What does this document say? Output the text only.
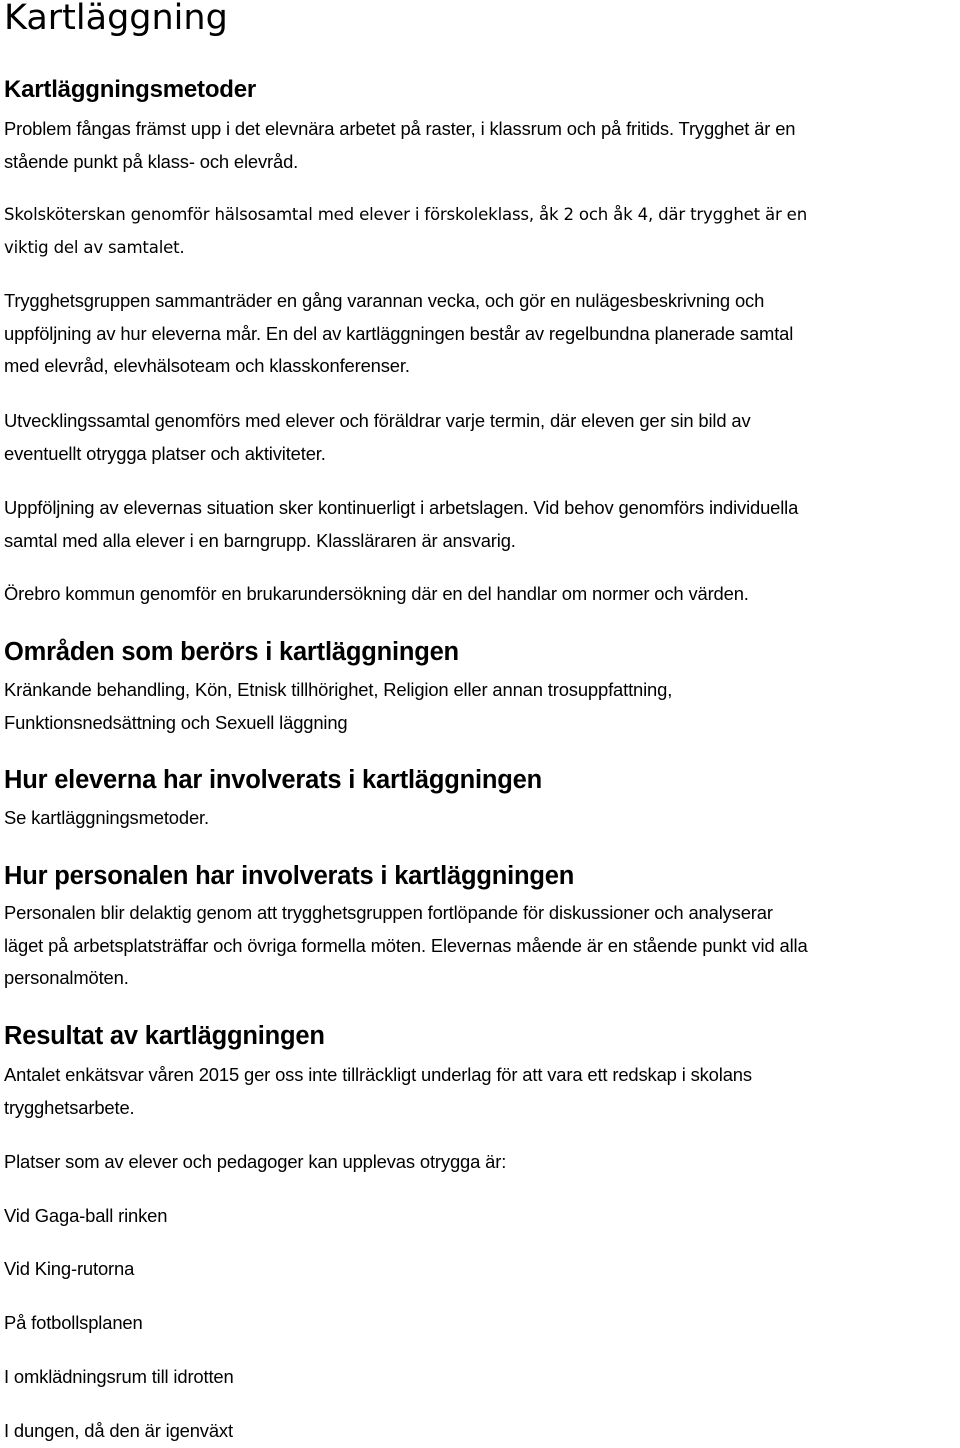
Kartläggning
Kartläggningsmetoder

Problem fångas främst upp i det elevnära arbetet på raster, i klassrum och på fritids. Trygghet är en
stående punkt på klass- och elevråd.

Skolsköterskan genomför hälsosamtal med elever i förskoleklass, åk 2 och åk 4, där trygghet är en
viktig del av samtalet.

Trygghetsgruppen sammanträder en gång varannan vecka, och gör en nulägesbeskrivning och
uppföljning av hur eleverna mår. En del av kartläggningen består av regelbundna planerade samtal
med elevråd, elevhälsoteam och klasskonferenser.

Utvecklingssamtal genomförs med elever och föräldrar varje termin, där eleven ger sin bild av
eventuellt otrygga platser och aktiviteter.

Uppföljning av elevernas situation sker kontinuerligt i arbetslagen. Vid behov genomförs individuella
samtal med alla elever i en barngrupp. Klassläraren är ansvarig.

Örebro kommun genomför en brukarundersökning där en del handlar om normer och värden.

Områden som berörs i kartläggningen

Kränkande behandling, Kön, Etnisk tillhörighet, Religion eller annan trosuppfattning,
Funktionsnedsättning och Sexuell läggning

Hur eleverna har involverats i kartläggningen

Se kartläggningsmetoder.

Hur personalen har involverats i kartläggningen

Personalen blir delaktig genom att trygghetsgruppen fortlöpande för diskussioner och analyserar
läget på arbetsplatsträffar och övriga formella möten. Elevernas mående är en stående punkt vid alla
personalmöten.

Resultat av kartläggningen

Antalet enkätsvar våren 2015 ger oss inte tillräckligt underlag för att vara ett redskap i skolans
trygghetsarbete.

Platser som av elever och pedagoger kan upplevas otrygga är:

Vid Gaga-ball rinken

Vid King-rutorna

På fotbollsplanen

I omklädningsrum till idrotten

I dungen, då den är igenväxt
